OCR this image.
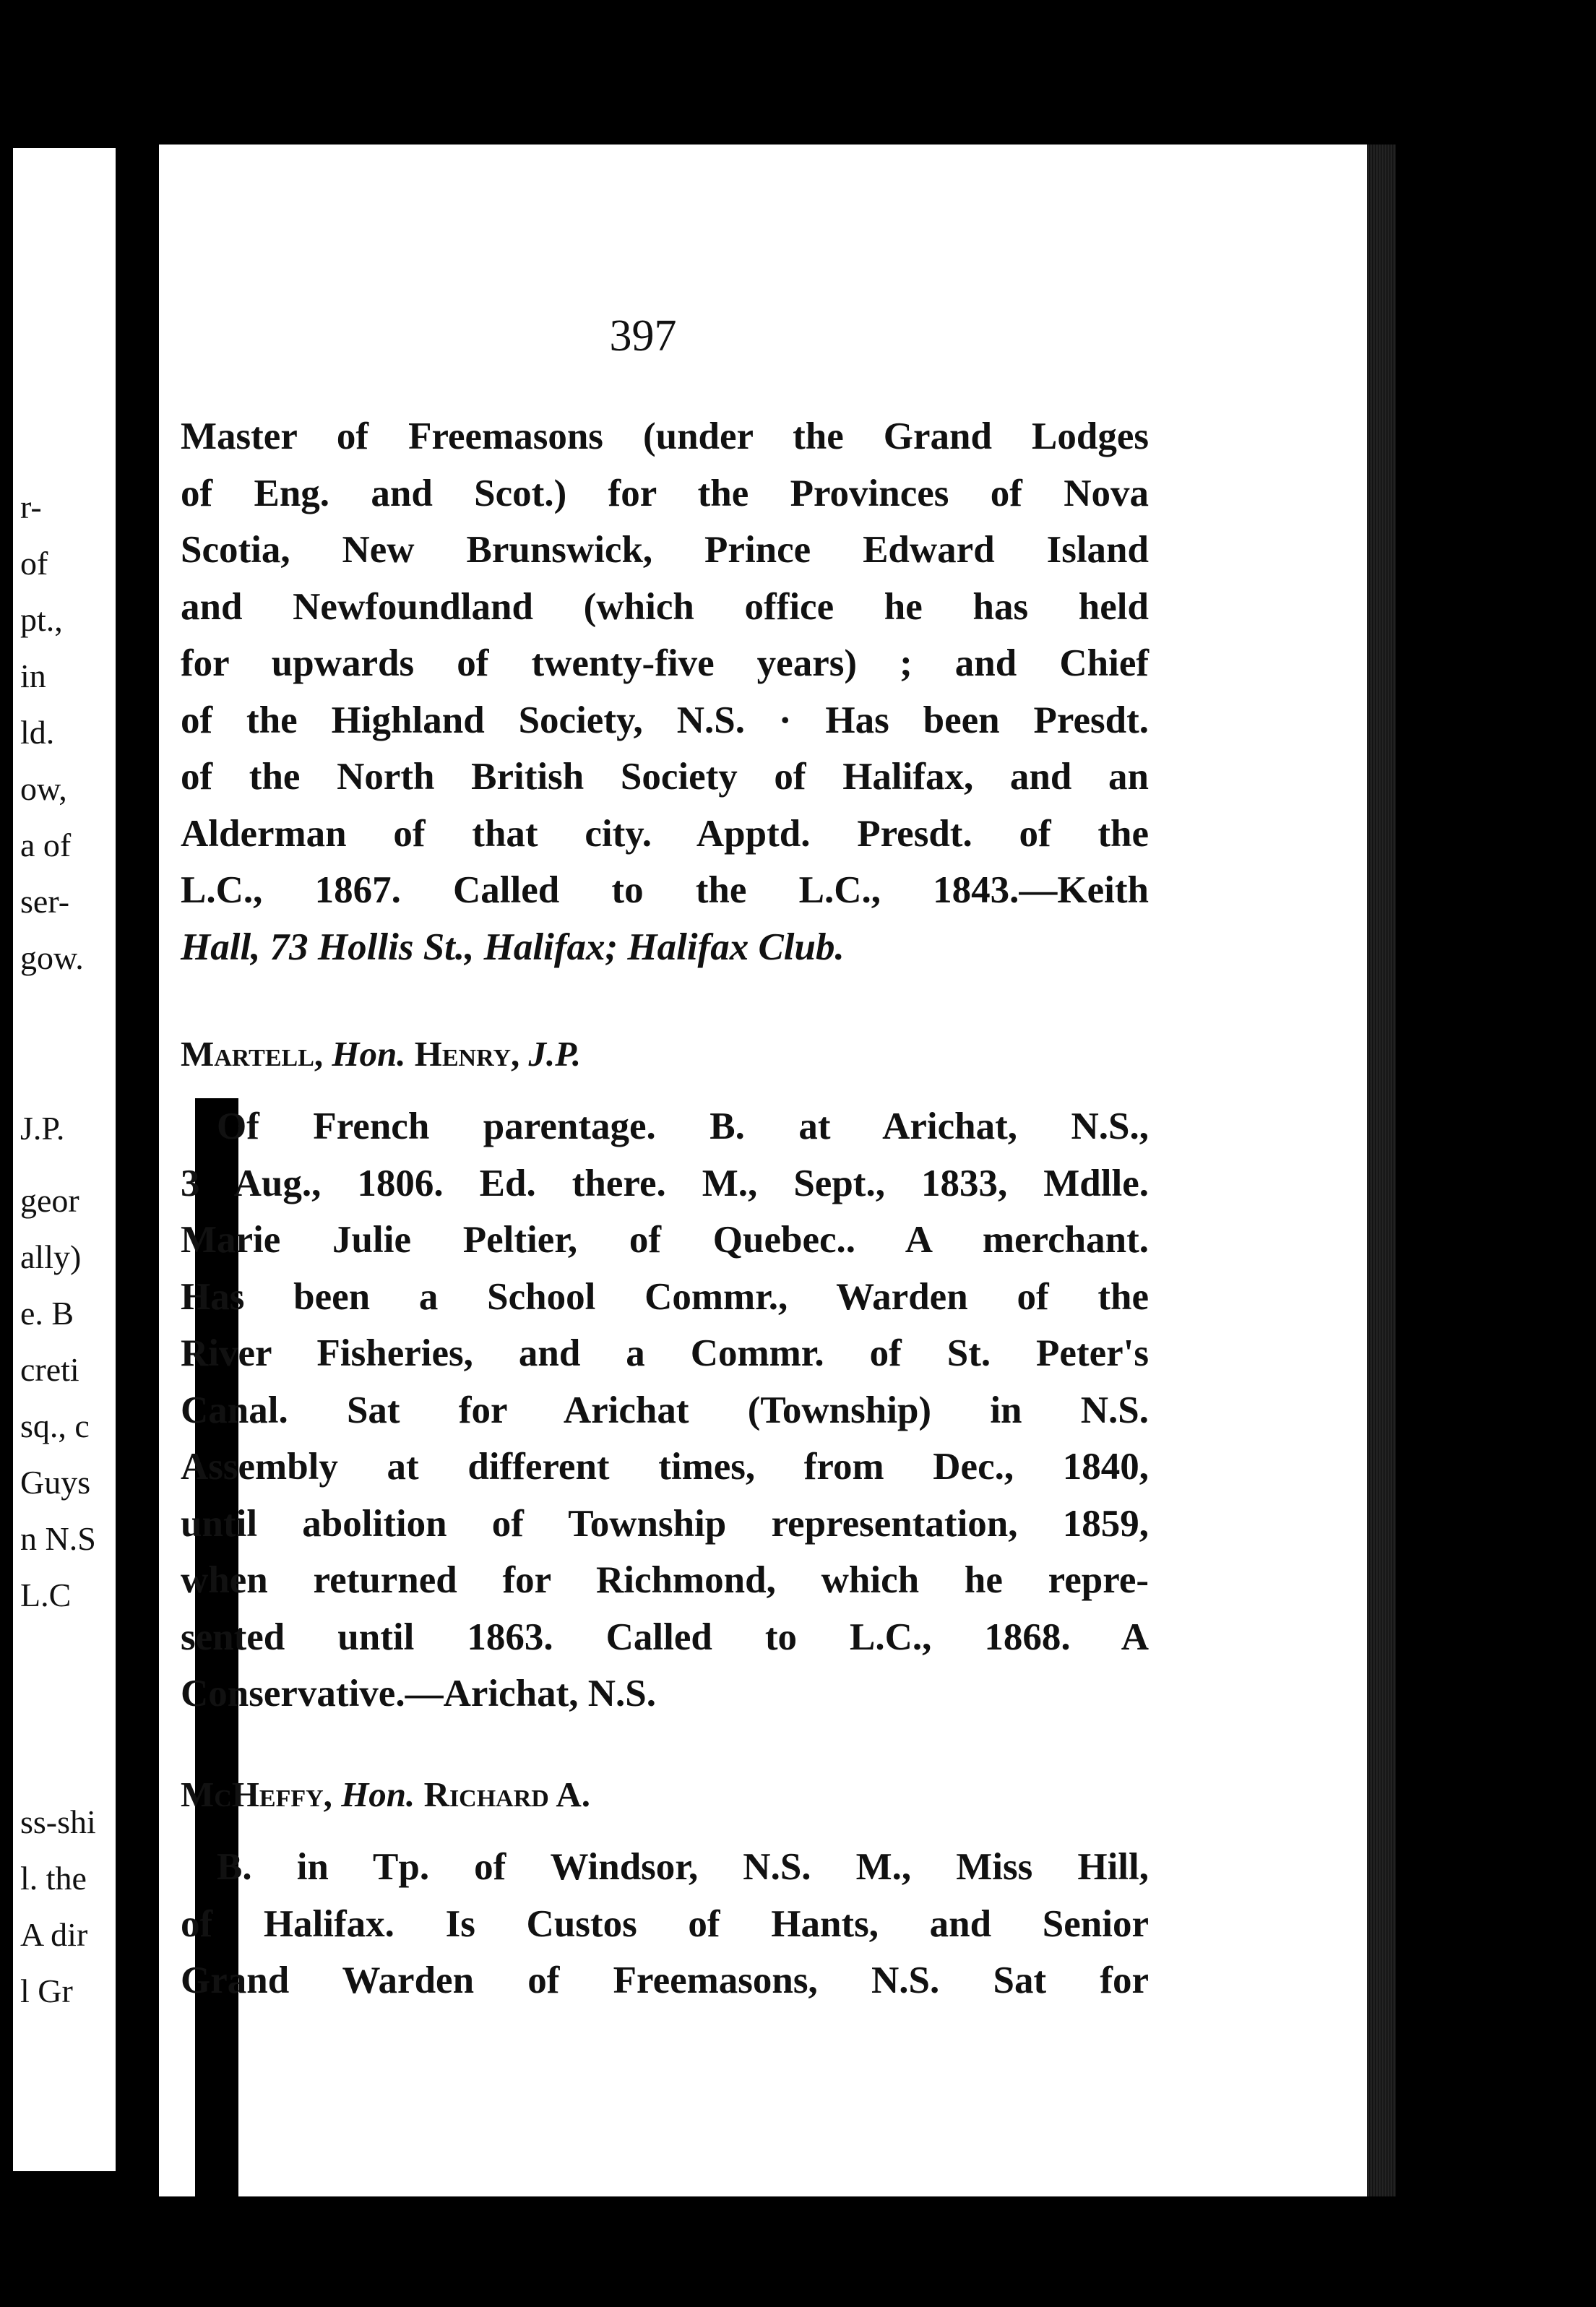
r-
of
pt.,
in
ld.
ow,
a of
ser-
gow.
J.P.
geor
ally)
e. B
creti
sq., c
Guys
n N.S
L.C
ss-shi
l. the
A dir
l Gr
397
Master of Freemasons (under the Grand Lodges
of Eng. and Scot.) for the Provinces of Nova
Scotia, New Brunswick, Prince Edward Island
and Newfoundland (which office he has held
for upwards of twenty-five years) ; and Chief
of the Highland Society, N.S. · Has been Presdt.
of the North British Society of Halifax, and an
Alderman of that city. Apptd. Presdt. of the
L.C., 1867. Called to the L.C., 1843.—Keith
Hall, 73 Hollis St., Halifax; Halifax Club.
Martell, Hon. Henry, J.P.
Of French parentage. B. at Arichat, N.S.,
3 Aug., 1806. Ed. there. M., Sept., 1833, Mdlle.
Marie Julie Peltier, of Quebec.. A merchant.
Has been a School Commr., Warden of the
River Fisheries, and a Commr. of St. Peter's
Canal. Sat for Arichat (Township) in N.S.
Assembly at different times, from Dec., 1840,
until abolition of Township representation, 1859,
when returned for Richmond, which he repre-
sented until 1863. Called to L.C., 1868. A
Conservative.—Arichat, N.S.
McHeffy, Hon. Richard A.
B. in Tp. of Windsor, N.S. M., Miss Hill,
of Halifax. Is Custos of Hants, and Senior
Grand Warden of Freemasons, N.S. Sat for
